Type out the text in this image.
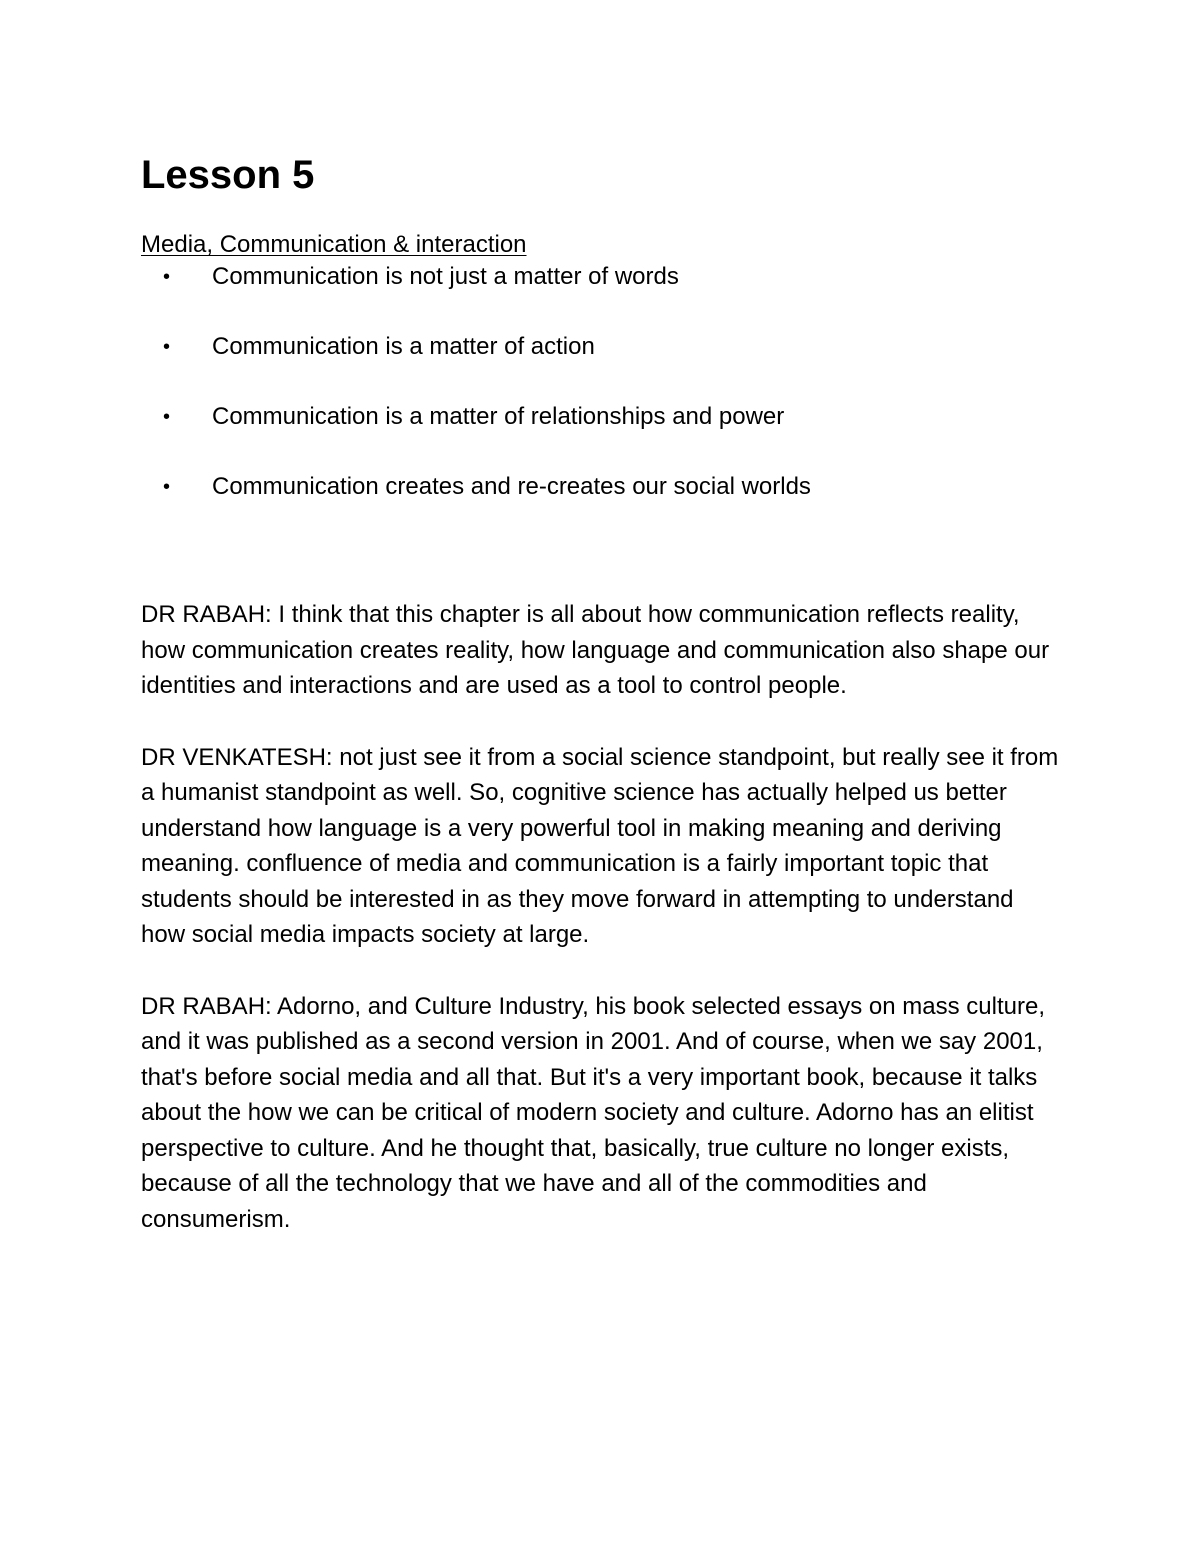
Lesson 5
Media, Communication & interaction
• Communication is not just a matter of words
• Communication is a matter of action
• Communication is a matter of relationships and power
• Communication creates and re-creates our social worlds

DR RABAH: I think that this chapter is all about how communication reflects reality, how communication creates reality, how language and communication also shape our identities and interactions and are used as a tool to control people.

DR VENKATESH: not just see it from a social science standpoint, but really see it from a humanist standpoint as well. So, cognitive science has actually helped us better understand how language is a very powerful tool in making meaning and deriving meaning. confluence of media and communication is a fairly important topic that students should be interested in as they move forward in attempting to understand how social media impacts society at large.

DR RABAH: Adorno, and Culture Industry, his book selected essays on mass culture, and it was published as a second version in 2001. And of course, when we say 2001, that's before social media and all that. But it's a very important book, because it talks about the how we can be critical of modern society and culture. Adorno has an elitist perspective to culture. And he thought that, basically, true culture no longer exists, because of all the technology that we have and all of the commodities and consumerism.
